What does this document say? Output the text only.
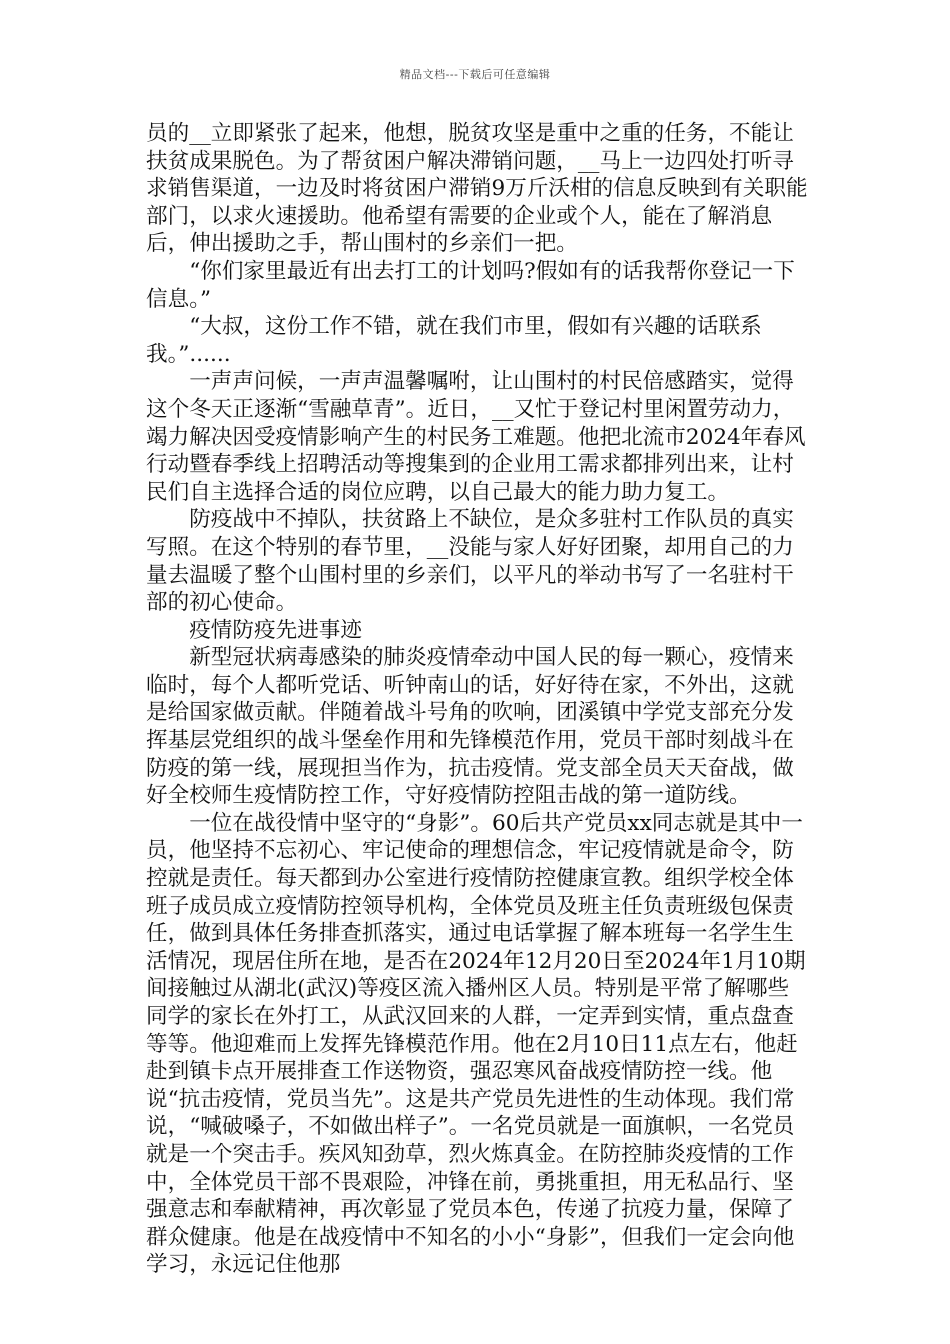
精品文档---下载后可任意编辑

员的__立即紧张了起来，他想，脱贫攻坚是重中之重的任务，不能让扶贫成果脱色。为了帮贫困户解决滞销问题，__马上一边四处打听寻求销售渠道，一边及时将贫困户滞销9万斤沃柑的信息反映到有关职能部门，以求火速援助。他希望有需要的企业或个人，能在了解消息后，伸出援助之手，帮山围村的乡亲们一把。

“你们家里最近有出去打工的计划吗?假如有的话我帮你登记一下信息。”

“大叔，这份工作不错，就在我们市里，假如有兴趣的话联系我。”......

一声声问候，一声声温馨嘱咐，让山围村的村民倍感踏实，觉得这个冬天正逐渐“雪融草青”。近日，__又忙于登记村里闲置劳动力，竭力解决因受疫情影响产生的村民务工难题。他把北流市2024年春风行动暨春季线上招聘活动等搜集到的企业用工需求都排列出来，让村民们自主选择合适的岗位应聘，以自己最大的能力助力复工。

防疫战中不掉队，扶贫路上不缺位，是众多驻村工作队员的真实写照。在这个特别的春节里，__没能与家人好好团聚，却用自己的力量去温暖了整个山围村里的乡亲们，以平凡的举动书写了一名驻村干部的初心使命。

疫情防疫先进事迹

新型冠状病毒感染的肺炎疫情牵动中国人民的每一颗心，疫情来临时，每个人都听党话、听钟南山的话，好好待在家，不外出，这就是给国家做贡献。伴随着战斗号角的吹响，团溪镇中学党支部充分发挥基层党组织的战斗堡垒作用和先锋模范作用，党员干部时刻战斗在防疫的第一线，展现担当作为，抗击疫情。党支部全员天天奋战，做好全校师生疫情防控工作，守好疫情防控阻击战的第一道防线。

一位在战役情中坚守的“身影”。60后共产党员xx同志就是其中一员，他坚持不忘初心、牢记使命的理想信念，牢记疫情就是命令，防控就是责任。每天都到办公室进行疫情防控健康宣教。组织学校全体班子成员成立疫情防控领导机构，全体党员及班主任负责班级包保责任，做到具体任务排查抓落实，通过电话掌握了解本班每一名学生生活情况，现居住所在地，是否在2024年12月20日至2024年1月10期间接触过从湖北(武汉)等疫区流入播州区人员。特别是平常了解哪些同学的家长在外打工，从武汉回来的人群，一定弄到实情，重点盘查等等。他迎难而上发挥先锋模范作用。他在2月10日11点左右，他赶赴到镇卡点开展排查工作送物资，强忍寒风奋战疫情防控一线。他说“抗击疫情，党员当先”。这是共产党员先进性的生动体现。我们常说，“喊破嗓子，不如做出样子”。一名党员就是一面旗帜，一名党员就是一个突击手。疾风知劲草，烈火炼真金。在防控肺炎疫情的工作中，全体党员干部不畏艰险，冲锋在前，勇挑重担，用无私品行、坚强意志和奉献精神，再次彰显了党员本色，传递了抗疫力量，保障了群众健康。他是在战疫情中不知名的小小“身影”，但我们一定会向他学习，永远记住他那
